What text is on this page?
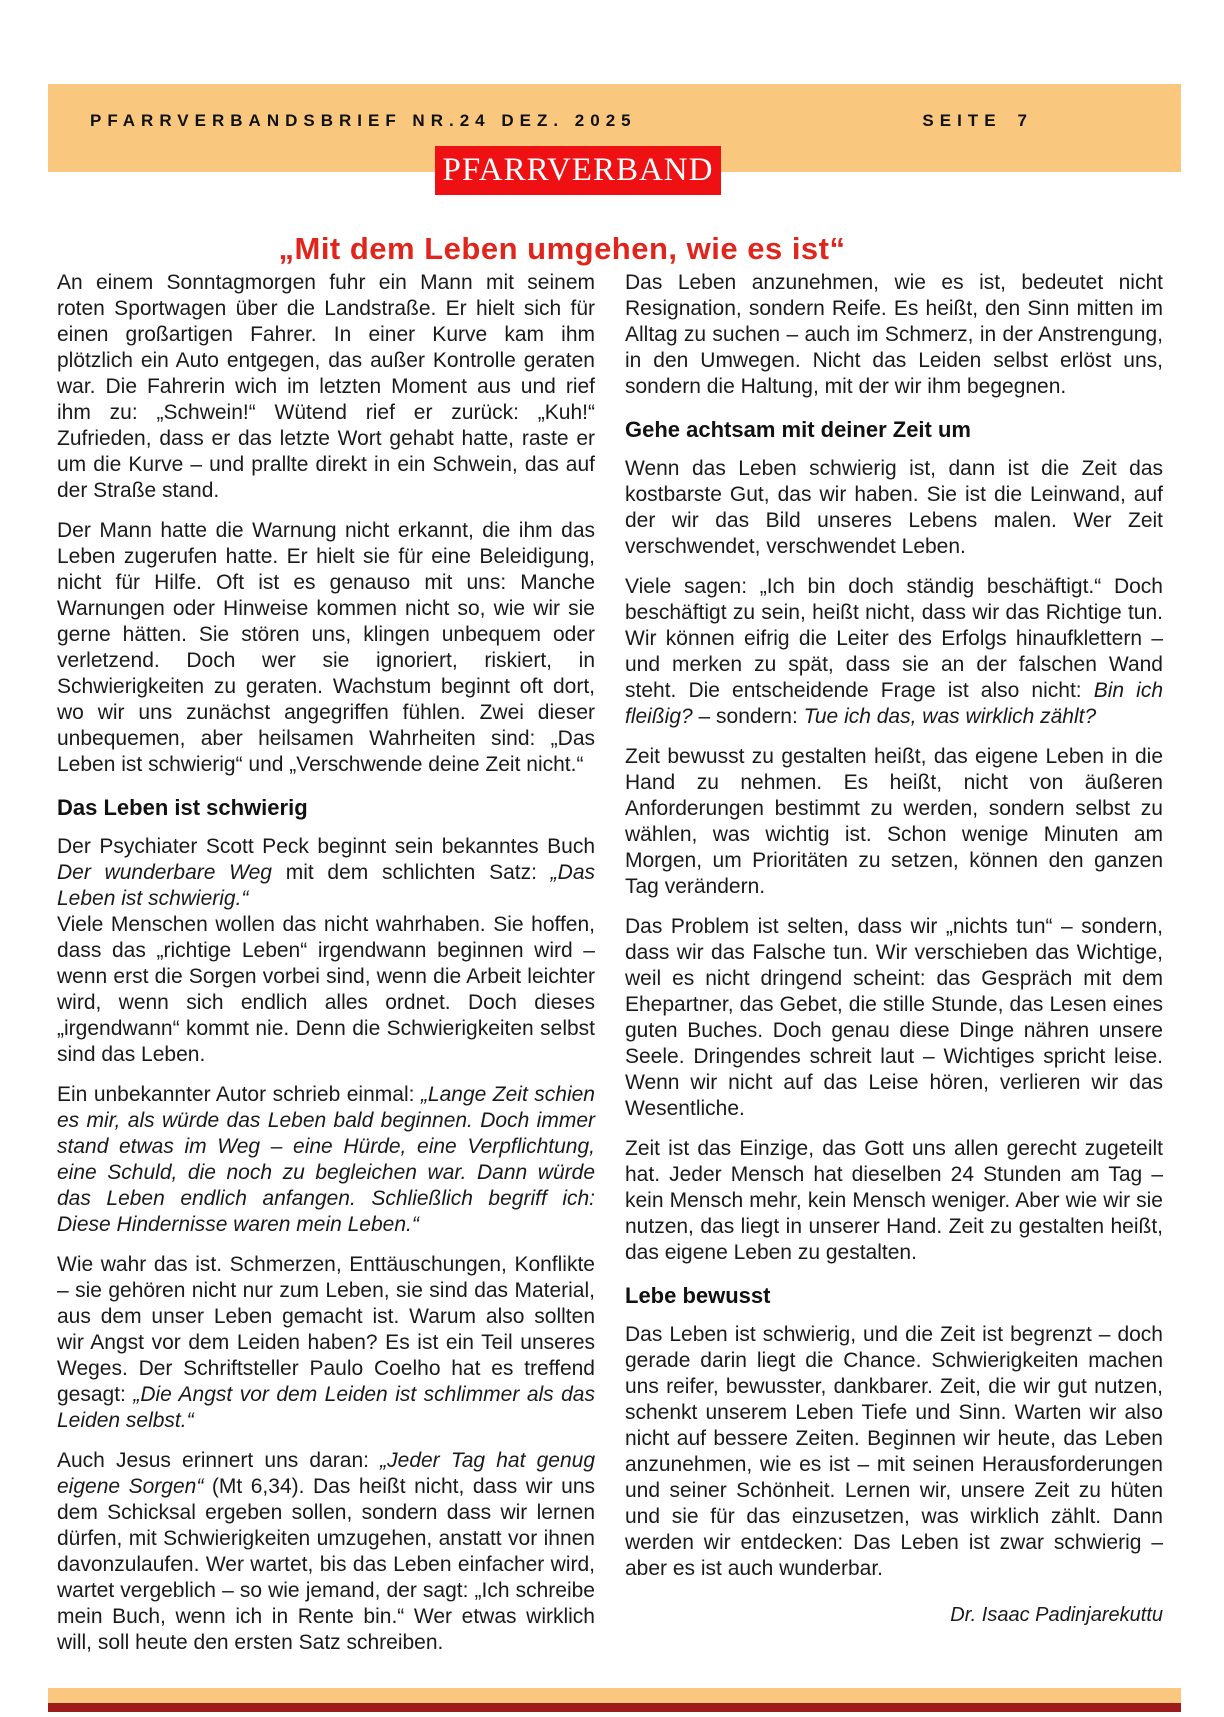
PFARRVERBANDSBRIEF NR.24 DEZ. 2025	SEITE 7
PFARRVERBAND
„Mit dem Leben umgehen, wie es ist“

An einem Sonntagmorgen fuhr ein Mann mit seinem roten Sportwagen über die Landstraße. Er hielt sich für einen großartigen Fahrer. In einer Kurve kam ihm plötzlich ein Auto entgegen, das außer Kontrolle geraten war. Die Fahrerin wich im letzten Moment aus und rief ihm zu: „Schwein!“ Wütend rief er zurück: „Kuh!“ Zufrieden, dass er das letzte Wort gehabt hatte, raste er um die Kurve – und prallte direkt in ein Schwein, das auf der Straße stand.

Der Mann hatte die Warnung nicht erkannt, die ihm das Leben zugerufen hatte. Er hielt sie für eine Beleidigung, nicht für Hilfe. Oft ist es genauso mit uns: Manche Warnungen oder Hinweise kommen nicht so, wie wir sie gerne hätten. Sie stören uns, klingen unbequem oder verletzend. Doch wer sie ignoriert, riskiert, in Schwierigkeiten zu geraten. Wachstum beginnt oft dort, wo wir uns zunächst angegriffen fühlen. Zwei dieser unbequemen, aber heilsamen Wahrheiten sind: „Das Leben ist schwierig“ und „Verschwende deine Zeit nicht.“

Das Leben ist schwierig

Der Psychiater Scott Peck beginnt sein bekanntes Buch Der wunderbare Weg mit dem schlichten Satz: „Das Leben ist schwierig.“
Viele Menschen wollen das nicht wahrhaben. Sie hoffen, dass das „richtige Leben“ irgendwann beginnen wird – wenn erst die Sorgen vorbei sind, wenn die Arbeit leichter wird, wenn sich endlich alles ordnet. Doch dieses „irgendwann“ kommt nie. Denn die Schwierigkeiten selbst sind das Leben.

Ein unbekannter Autor schrieb einmal: „Lange Zeit schien es mir, als würde das Leben bald beginnen. Doch immer stand etwas im Weg – eine Hürde, eine Verpflichtung, eine Schuld, die noch zu begleichen war. Dann würde das Leben endlich anfangen. Schließlich begriff ich: Diese Hindernisse waren mein Leben.“

Wie wahr das ist. Schmerzen, Enttäuschungen, Konflikte – sie gehören nicht nur zum Leben, sie sind das Material, aus dem unser Leben gemacht ist. Warum also sollten wir Angst vor dem Leiden haben? Es ist ein Teil unseres Weges. Der Schriftsteller Paulo Coelho hat es treffend gesagt: „Die Angst vor dem Leiden ist schlimmer als das Leiden selbst.“

Auch Jesus erinnert uns daran: „Jeder Tag hat genug eigene Sorgen“ (Mt 6,34). Das heißt nicht, dass wir uns dem Schicksal ergeben sollen, sondern dass wir lernen dürfen, mit Schwierigkeiten umzugehen, anstatt vor ihnen davonzulaufen. Wer wartet, bis das Leben einfacher wird, wartet vergeblich – so wie jemand, der sagt: „Ich schreibe mein Buch, wenn ich in Rente bin.“ Wer etwas wirklich will, soll heute den ersten Satz schreiben.

Das Leben anzunehmen, wie es ist, bedeutet nicht Resignation, sondern Reife. Es heißt, den Sinn mitten im Alltag zu suchen – auch im Schmerz, in der Anstrengung, in den Umwegen. Nicht das Leiden selbst erlöst uns, sondern die Haltung, mit der wir ihm begegnen.

Gehe achtsam mit deiner Zeit um

Wenn das Leben schwierig ist, dann ist die Zeit das kostbarste Gut, das wir haben. Sie ist die Leinwand, auf der wir das Bild unseres Lebens malen. Wer Zeit verschwendet, verschwendet Leben.

Viele sagen: „Ich bin doch ständig beschäftigt.“ Doch beschäftigt zu sein, heißt nicht, dass wir das Richtige tun. Wir können eifrig die Leiter des Erfolgs hinaufklettern – und merken zu spät, dass sie an der falschen Wand steht. Die entscheidende Frage ist also nicht: Bin ich fleißig? – sondern: Tue ich das, was wirklich zählt?

Zeit bewusst zu gestalten heißt, das eigene Leben in die Hand zu nehmen. Es heißt, nicht von äußeren Anforderungen bestimmt zu werden, sondern selbst zu wählen, was wichtig ist. Schon wenige Minuten am Morgen, um Prioritäten zu setzen, können den ganzen Tag verändern.

Das Problem ist selten, dass wir „nichts tun“ – sondern, dass wir das Falsche tun. Wir verschieben das Wichtige, weil es nicht dringend scheint: das Gespräch mit dem Ehepartner, das Gebet, die stille Stunde, das Lesen eines guten Buches. Doch genau diese Dinge nähren unsere Seele. Dringendes schreit laut – Wichtiges spricht leise. Wenn wir nicht auf das Leise hören, verlieren wir das Wesentliche.

Zeit ist das Einzige, das Gott uns allen gerecht zugeteilt hat. Jeder Mensch hat dieselben 24 Stunden am Tag – kein Mensch mehr, kein Mensch weniger. Aber wie wir sie nutzen, das liegt in unserer Hand. Zeit zu gestalten heißt, das eigene Leben zu gestalten.

Lebe bewusst

Das Leben ist schwierig, und die Zeit ist begrenzt – doch gerade darin liegt die Chance. Schwierigkeiten machen uns reifer, bewusster, dankbarer. Zeit, die wir gut nutzen, schenkt unserem Leben Tiefe und Sinn. Warten wir also nicht auf bessere Zeiten. Beginnen wir heute, das Leben anzunehmen, wie es ist – mit seinen Herausforderungen und seiner Schönheit. Lernen wir, unsere Zeit zu hüten und sie für das einzusetzen, was wirklich zählt. Dann werden wir entdecken: Das Leben ist zwar schwierig – aber es ist auch wunderbar.

Dr. Isaac Padinjarekuttu
